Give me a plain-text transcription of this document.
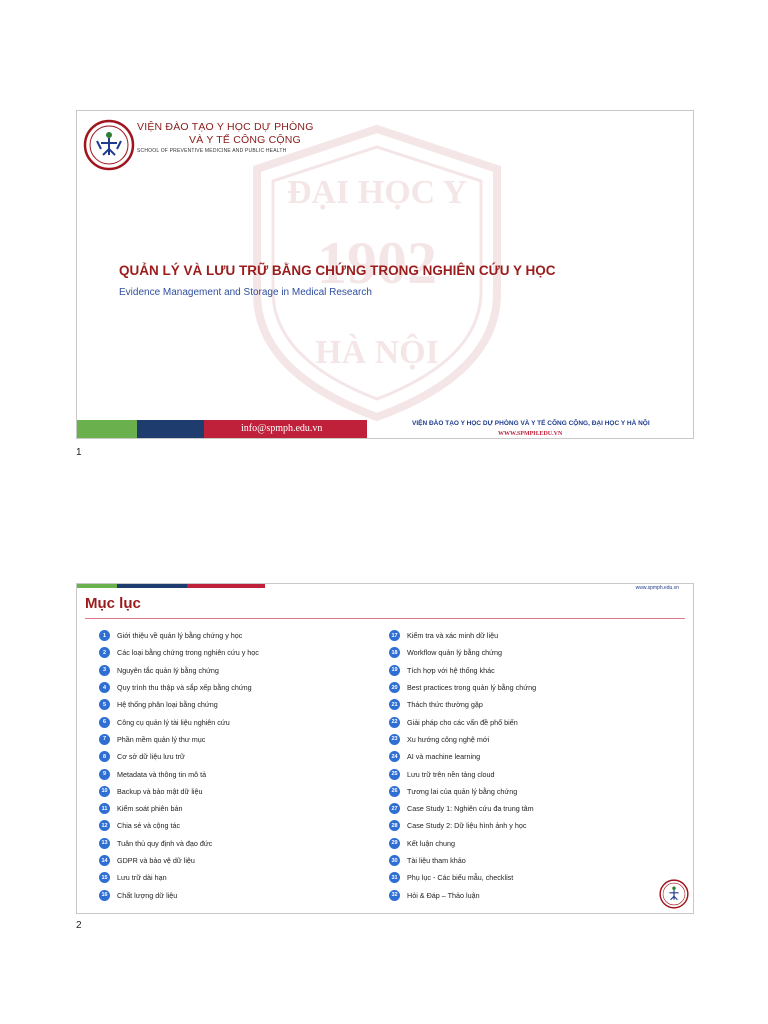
ĐẠI HỌC Y
1902
HÀ NỘI
VIỆN ĐÀO TẠO Y HỌC DỰ PHÒNG
VÀ Y TẾ CÔNG CỘNG
SCHOOL OF PREVENTIVE MEDICINE AND PUBLIC HEALTH
QUẢN LÝ VÀ LƯU TRỮ BẰNG CHỨNG TRONG NGHIÊN CỨU Y HỌC
Evidence Management and Storage in Medical Research
info@spmph.edu.vn	VIỆN ĐÀO TẠO Y HỌC DỰ PHÒNG VÀ Y TẾ CÔNG CỘNG, ĐẠI HỌC Y HÀ NỘI
WWW.SPMPH.EDU.VN
1
www.spmph.edu.vn
Mục lục
1	Giới thiệu về quản lý bằng chứng y học
2	Các loại bằng chứng trong nghiên cứu y học
3	Nguyên tắc quản lý bằng chứng
4	Quy trình thu thập và sắp xếp bằng chứng
5	Hệ thống phân loại bằng chứng
6	Công cụ quản lý tài liệu nghiên cứu
7	Phần mềm quản lý thư mục
8	Cơ sở dữ liệu lưu trữ
9	Metadata và thông tin mô tả
10	Backup và bảo mật dữ liệu
11	Kiểm soát phiên bản
12	Chia sẻ và cộng tác
13	Tuân thủ quy định và đạo đức
14	GDPR và bảo vệ dữ liệu
15	Lưu trữ dài hạn
16	Chất lượng dữ liệu
17	Kiểm tra và xác minh dữ liệu
18	Workflow quản lý bằng chứng
19	Tích hợp với hệ thống khác
20	Best practices trong quản lý bằng chứng
21	Thách thức thường gặp
22	Giải pháp cho các vấn đề phổ biến
23	Xu hướng công nghệ mới
24	AI và machine learning
25	Lưu trữ trên nền tảng cloud
26	Tương lai của quản lý bằng chứng
27	Case Study 1: Nghiên cứu đa trung tâm
28	Case Study 2: Dữ liệu hình ảnh y học
29	Kết luận chung
30	Tài liệu tham khảo
31	Phụ lục - Các biểu mẫu, checklist
32	Hỏi & Đáp – Thảo luận
2
